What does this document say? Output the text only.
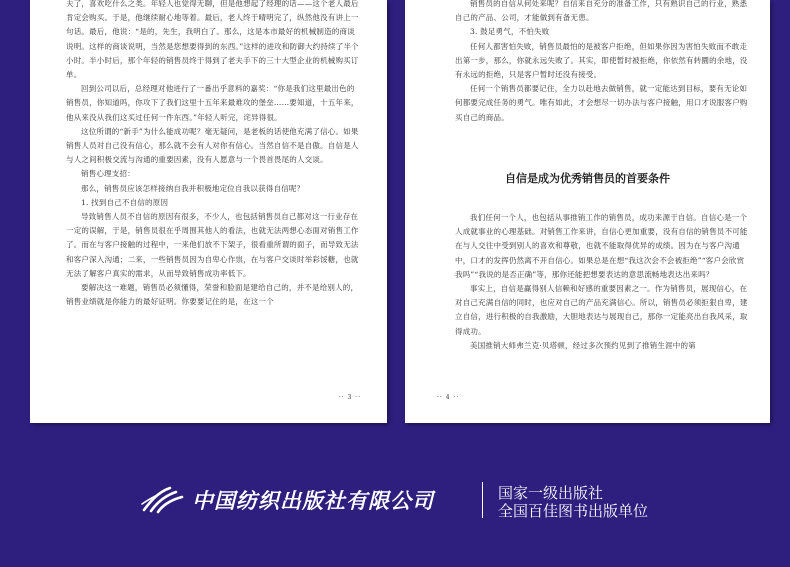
夫了，喜欢吃什么之类。年轻人也觉得无聊，但是他想起了经理的话——这个老人最后肯定会购买。于是，他继续耐心地等着。最后，老人终于晴明完了，纵然他没有讲上一句话。最后，他说：“是的，先生，我明白了。那么，这是本市最好的机械制造的商谈说明。这样的商谈说明，当然是您想要得到的东西。”这样的进攻和防御大约持续了半个小时。半小时后，那个年轻的销售员终于得到了老夫手下的三十大型企业的机械购买订单。

回到公司以后，总经理对他进行了一番出乎意料的嘉奖：“你是我们这里最出色的销售员，你知道吗，你攻下了我们这里十五年来最难攻的堡垒……要知道，十五年来，他从来没从我们这买过任何一件东西。”年轻人听完，诧异得很。

这位所谓的“新手”为什么能成功呢？毫无疑问，是老板的话使他充满了信心。如果销售人员对自己没有信心，那么就不会有人对你有信心。当然自信不是自傲。自信是人与人之间积极交流与沟通的重要因素，没有人愿意与一个畏首畏尾的人交谈。

销售心理支招：

那么，销售员应该怎样接纳自我并积极地定位自我以获得自信呢？

1. 找到自己不自信的原因

导致销售人员不自信的原因有很多，不少人，也包括销售员自己都对这一行业存在一定的误解，于是，销售员很在乎周围其他人的看法，也就无法两想心态面对销售工作了。而在与客户接触的过程中，一来他们放不下架子，很看重所谓的面子，而导致无法和客户深入沟通；二来，一些销售员因为自卑心作祟，在与客户交谈时举彩馁糖，也就无法了解客户真实的需求，从而导致销售成功率低下。

要解决这一难题，销售员必须懂得，荣誉和脸面是建给自己的，并不是给别人的，销售业绩就是你能力的最好证明。你要要记住的是，在这一个

·· 3 ··

销售员的自信从何处来呢？自信来自充分的准备工作，只有熟识自己的行业，熟悉自己的产品、公司，才能做到有备无患。

3. 鼓足勇气，不怕失败

任何人都害怕失败，销售员最怕的是被客户拒绝，但如果你因为害怕失败而不敢走出第一步，那么，你就永远失败了。其实，即使暂时被拒绝，你依然有转圜的余地，没有永远的拒绝，只是客户暂时还没有接受。

任何一个销售员都要记住，全力以赴地去做销售，就一定能达到目标，要有无论如何都要完成任务的勇气。唯有如此，才会想尽一切办法与客户接触，用口才说服客户购买自己的商品。

自信是成为优秀销售员的首要条件

我们任何一个人，也包括从事推销工作的销售员，成功来源于自信。自信心是一个人成就事业的心理基础。对销售工作来讲，自信心更加重要，没有自信的销售员不可能在与人交往中受到别人的喜欢和尊敬，也就不能取得优异的成绩。因为在与客户沟通中，口才的发挥仍然离不开自信心。如果总是在想“我这次会不会被拒绝”“客户会欣赏我吗”“我说的是否正确”等，那你还能把想要表达的意思流畅地表达出来吗？

事实上，自信是赢得别人信赖和好感的重要因素之一。作为销售员，展现信心，在对自己充满自信的同时，也应对自己的产品充满信心。所以，销售员必须拒狠自卑，建立自信，进行积极的自我激励，大胆地表达与展现自己，那你一定能亮出自我风采，取得成功。

美国推销大师弗兰克·贝塔顿，经过多次预约见到了推销生涯中的第

·· 4 ··
中国纺织出版社有限公司	国家一级出版社
全国百佳图书出版单位
